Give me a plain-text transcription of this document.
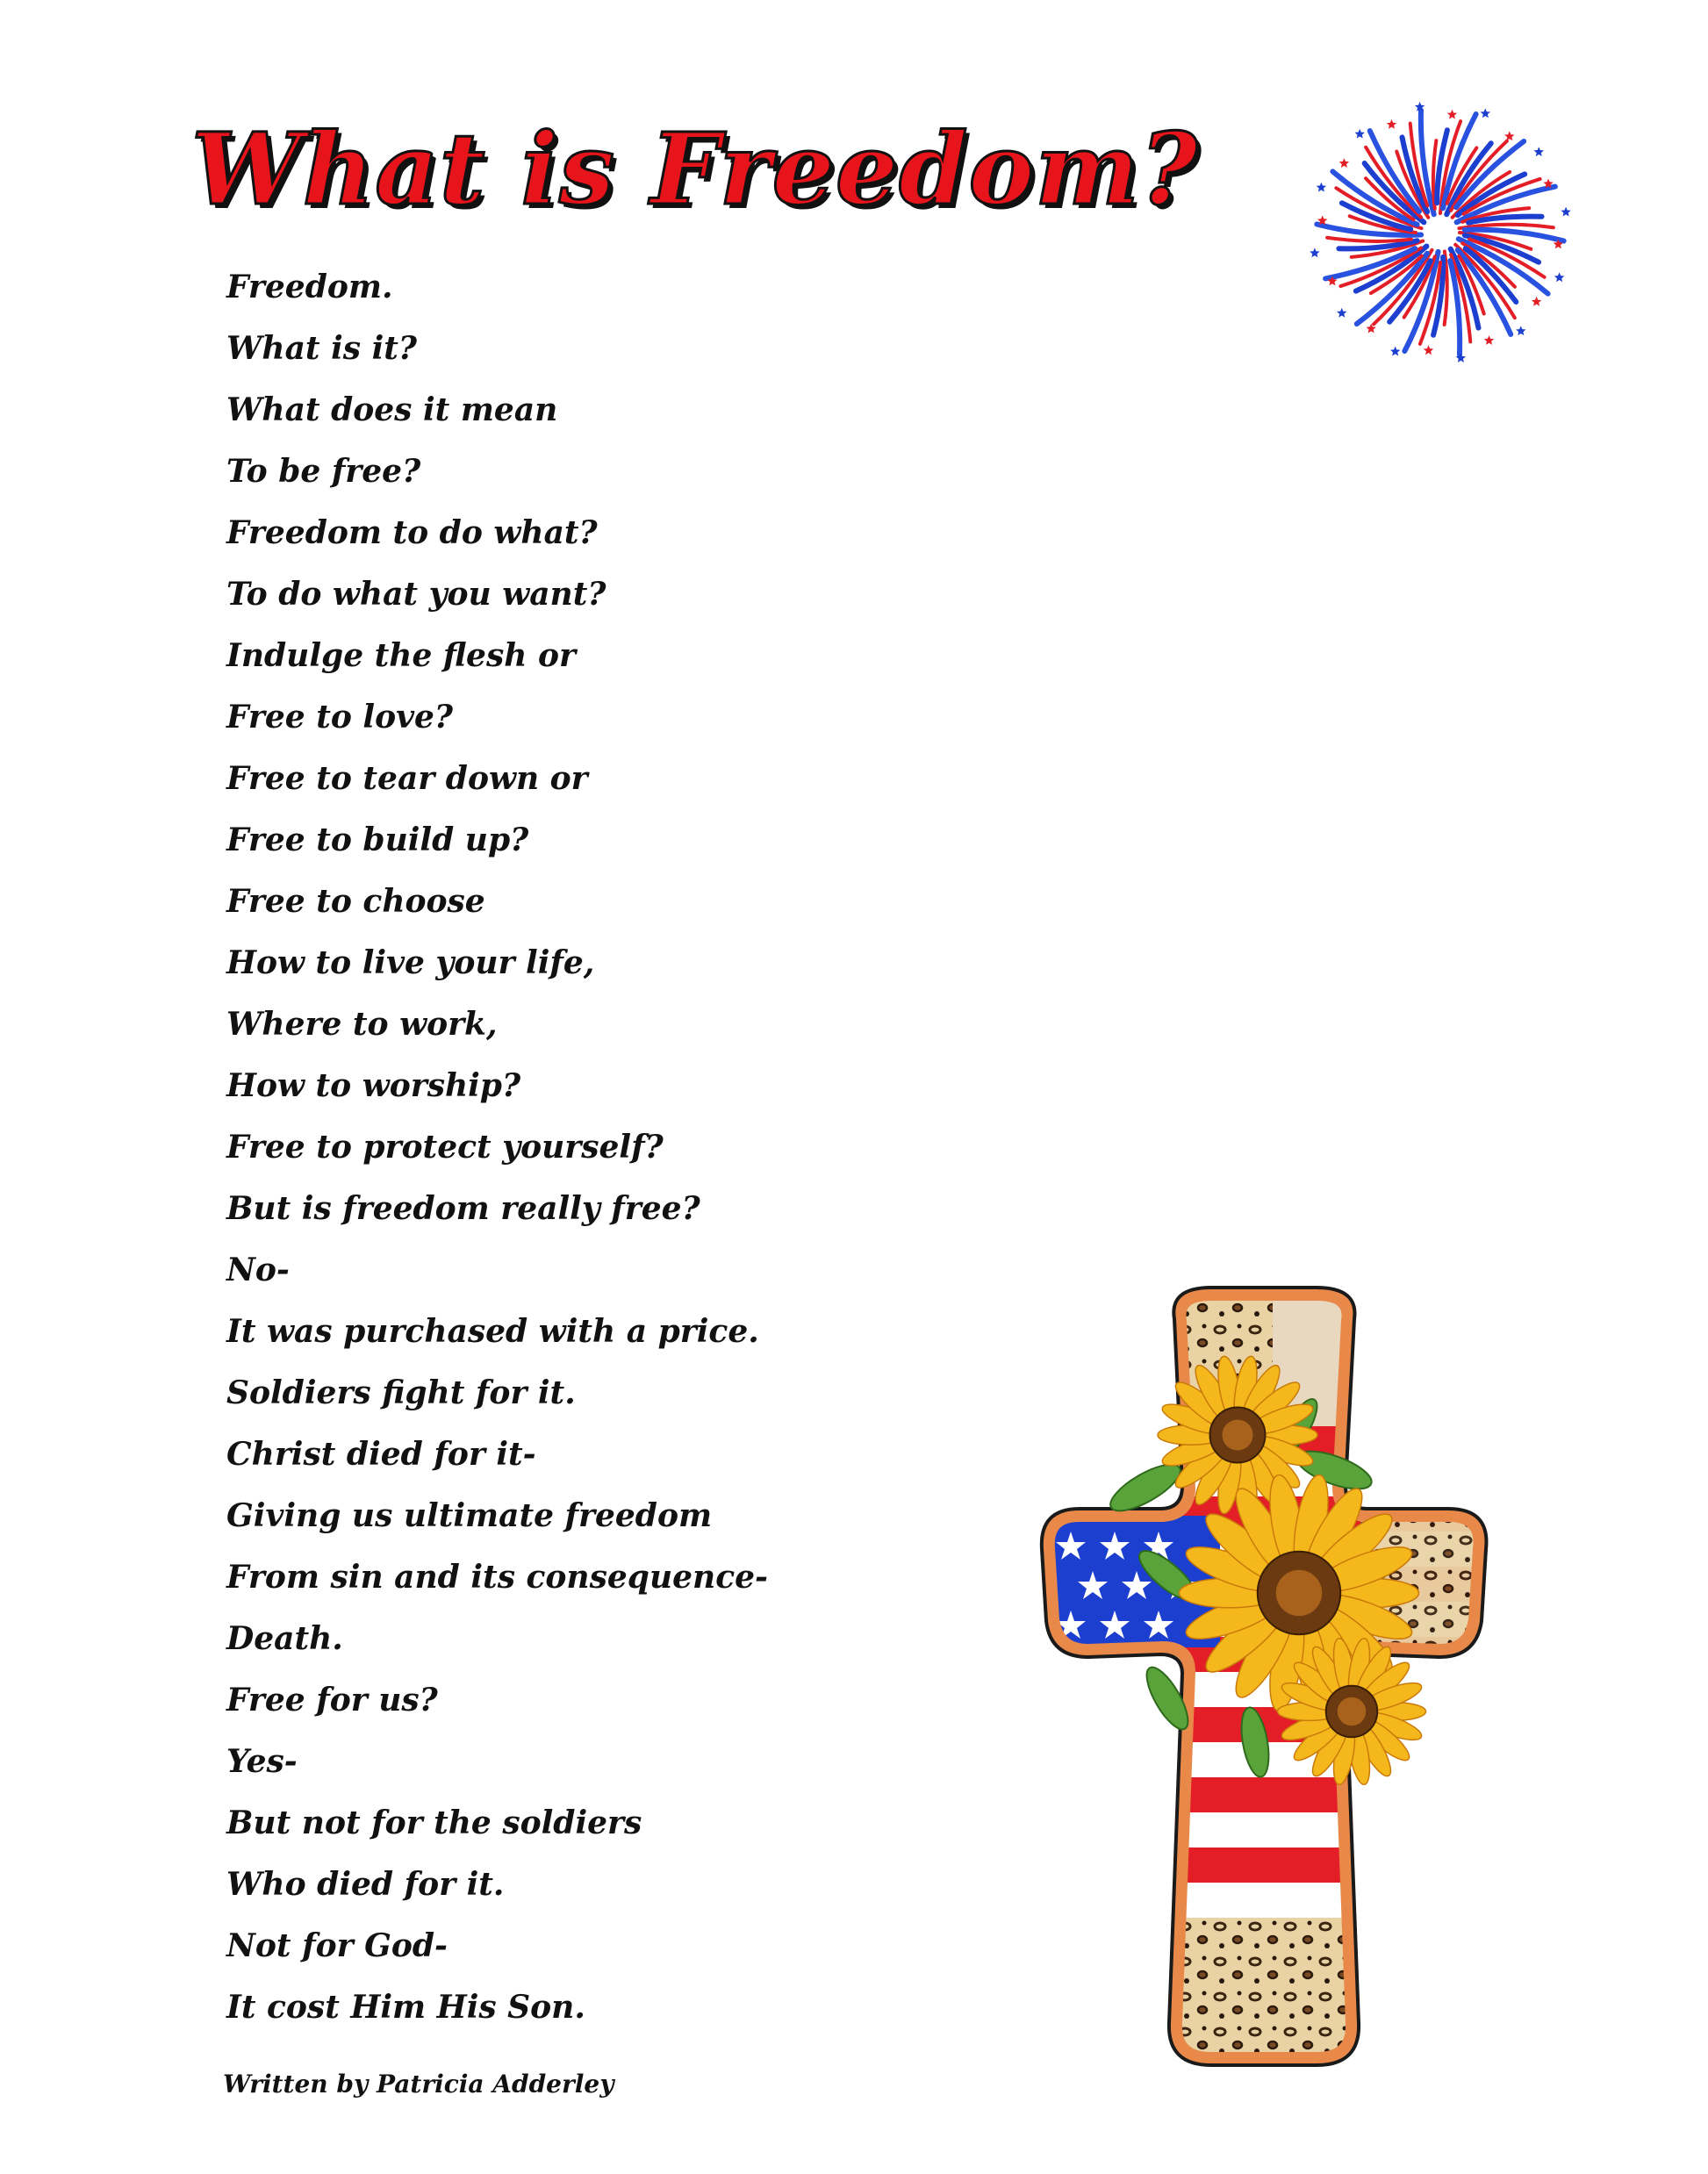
What is Freedom?
Freedom.
What is it?
What does it mean
To be free?
Freedom to do what?
To do what you want?
Indulge the flesh or
Free to love?
Free to tear down or
Free to build up?
Free to choose
How to live your life,
Where to work,
How to worship?
Free to protect yourself?
But is freedom really free?
No-
It was purchased with a price.
Soldiers fight for it.
Christ died for it-
Giving us ultimate freedom
From sin and its consequence-
Death.
Free for us?
Yes-
But not for the soldiers
Who died for it.
Not for God-
It cost Him His Son.
Written by Patricia Adderley
